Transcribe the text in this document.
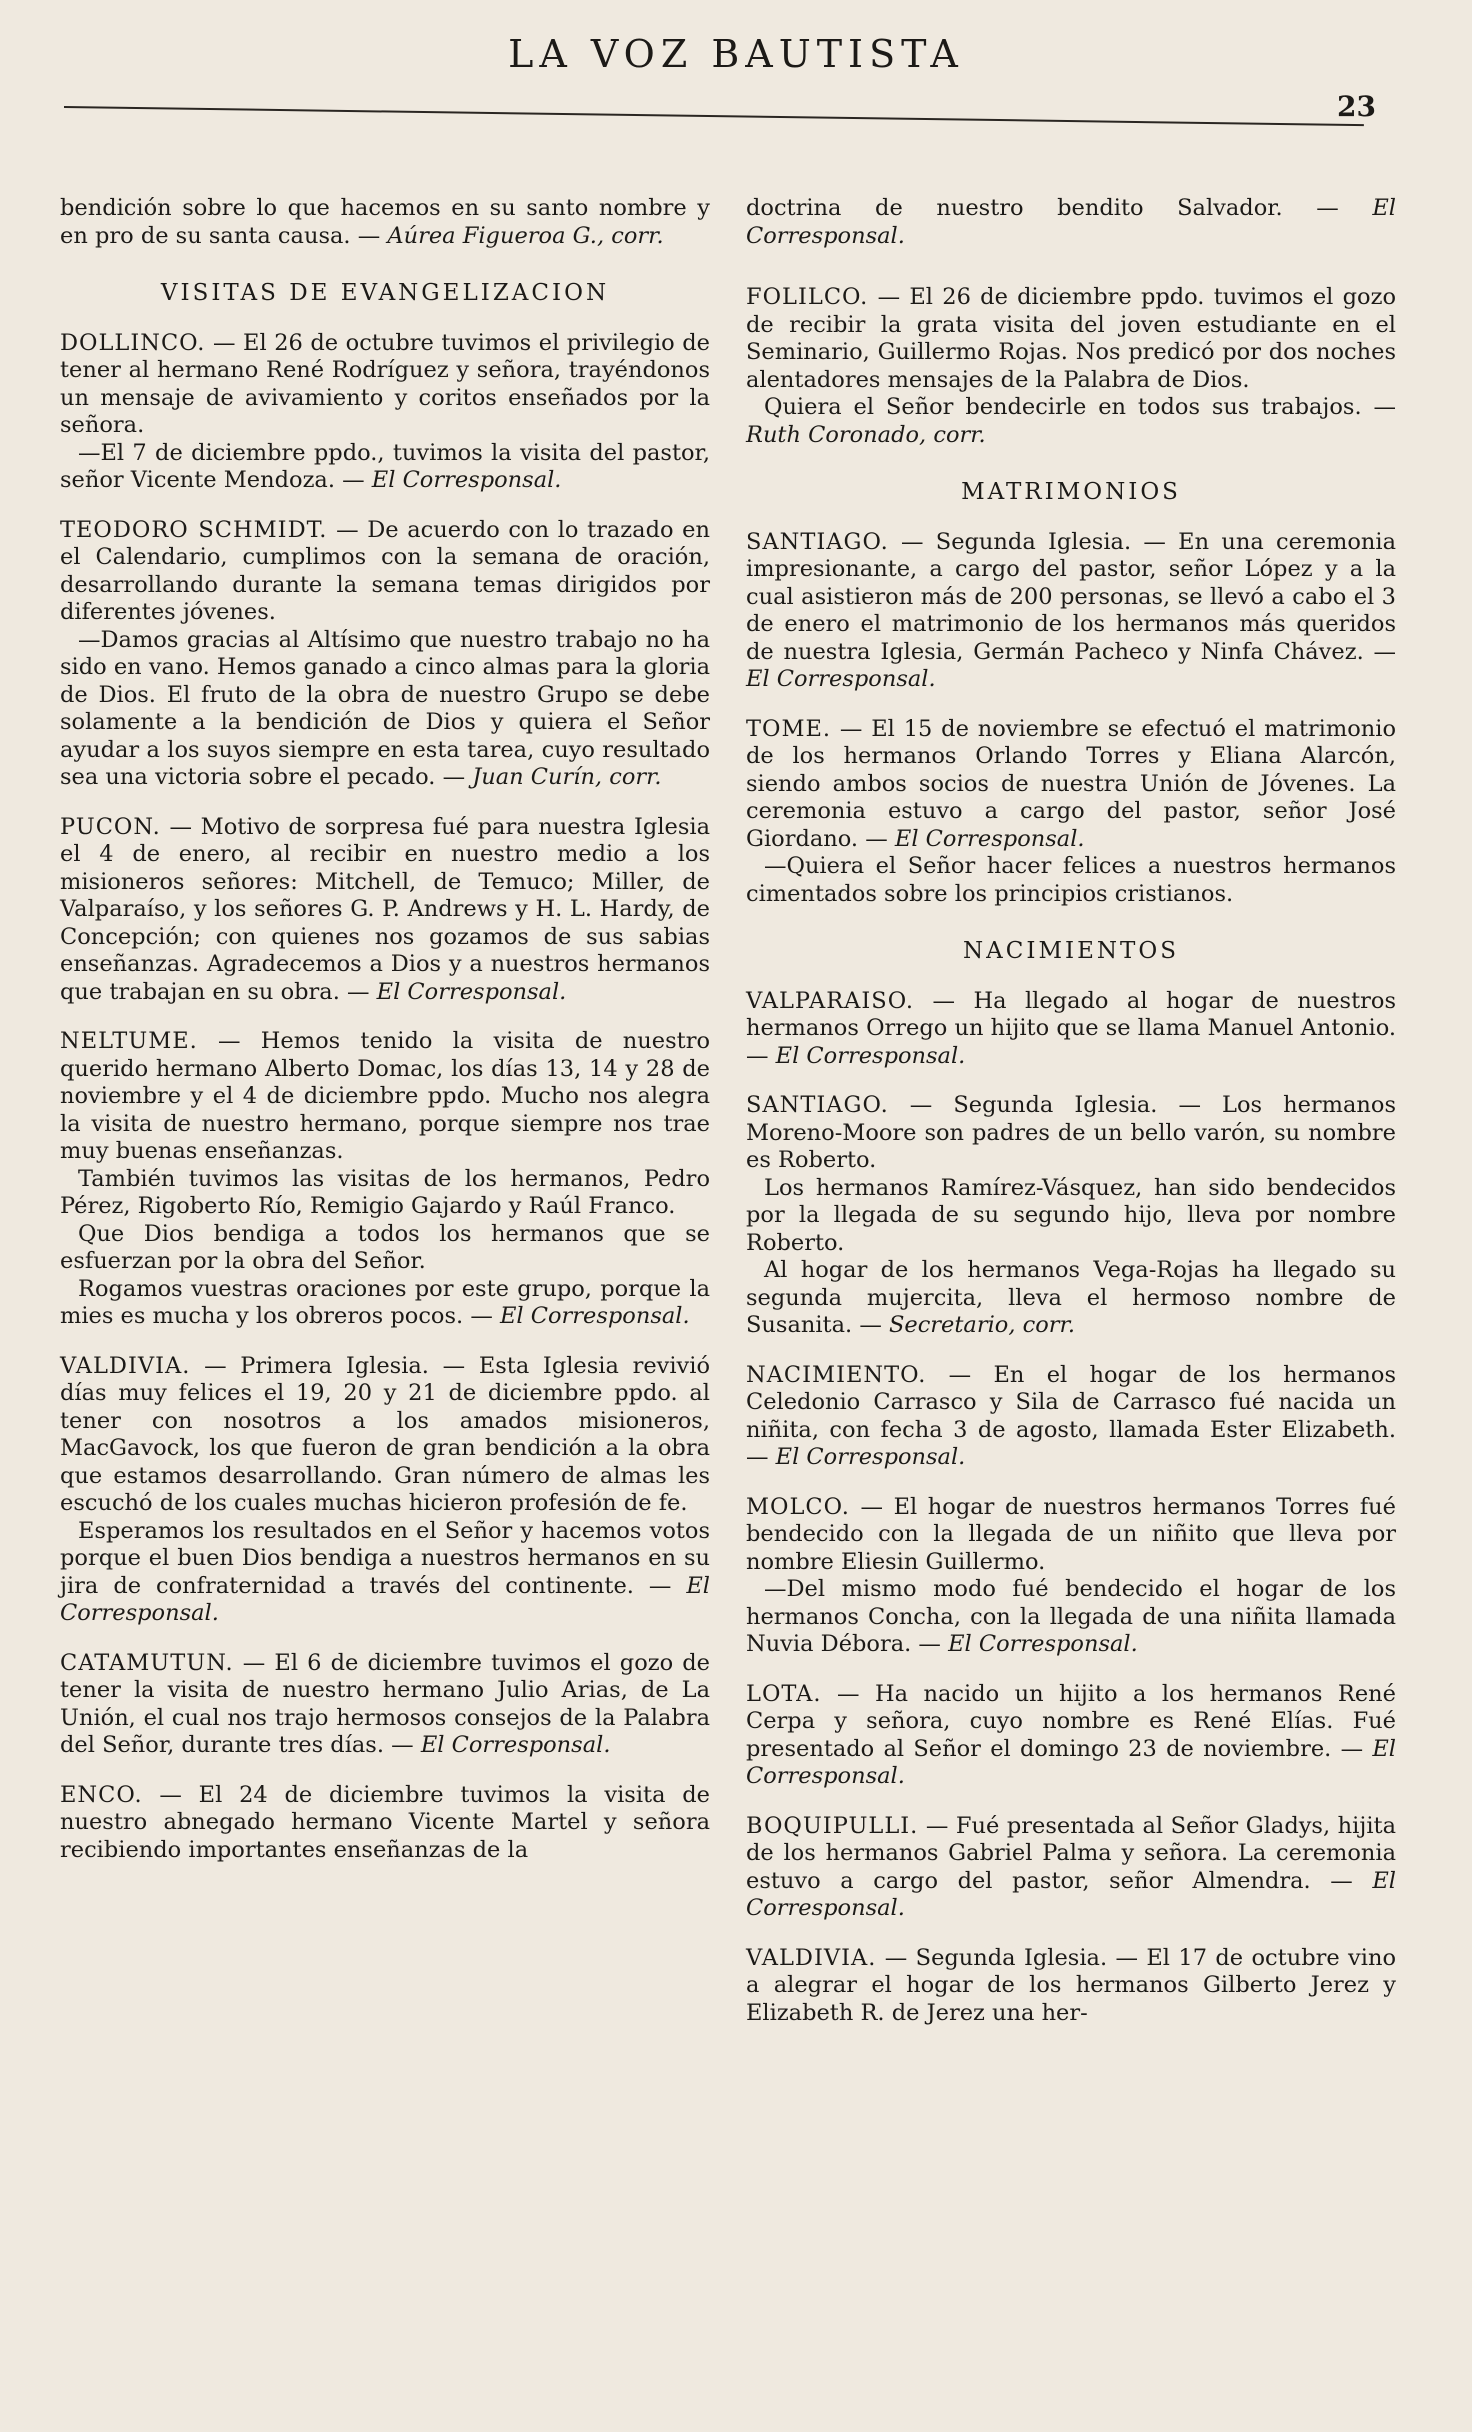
LA VOZ BAUTISTA
23

bendición sobre lo que hacemos en su santo nombre y en pro de su santa causa. — Aúrea Figueroa G., corr.

VISITAS DE EVANGELIZACION

DOLLINCO. — El 26 de octubre tuvimos el privilegio de tener al hermano René Rodríguez y señora, trayéndonos un mensaje de avivamiento y coritos enseñados por la señora.

—El 7 de diciembre ppdo., tuvimos la visita del pastor, señor Vicente Mendoza. — El Corresponsal.

TEODORO SCHMIDT. — De acuerdo con lo trazado en el Calendario, cumplimos con la semana de oración, desarrollando durante la semana temas dirigidos por diferentes jóvenes.

—Damos gracias al Altísimo que nuestro trabajo no ha sido en vano. Hemos ganado a cinco almas para la gloria de Dios. El fruto de la obra de nuestro Grupo se debe solamente a la bendición de Dios y quiera el Señor ayudar a los suyos siempre en esta tarea, cuyo resultado sea una victoria sobre el pecado. — Juan Curín, corr.

PUCON. — Motivo de sorpresa fué para nuestra Iglesia el 4 de enero, al recibir en nuestro medio a los misioneros señores: Mitchell, de Temuco; Miller, de Valparaíso, y los señores G. P. Andrews y H. L. Hardy, de Concepción; con quienes nos gozamos de sus sabias enseñanzas. Agradecemos a Dios y a nuestros hermanos que trabajan en su obra. — El Corresponsal.

NELTUME. — Hemos tenido la visita de nuestro querido hermano Alberto Domac, los días 13, 14 y 28 de noviembre y el 4 de diciembre ppdo. Mucho nos alegra la visita de nuestro hermano, porque siempre nos trae muy buenas enseñanzas.

También tuvimos las visitas de los hermanos, Pedro Pérez, Rigoberto Río, Remigio Gajardo y Raúl Franco.

Que Dios bendiga a todos los hermanos que se esfuerzan por la obra del Señor.

Rogamos vuestras oraciones por este grupo, porque la mies es mucha y los obreros pocos. — El Corresponsal.

VALDIVIA. — Primera Iglesia. — Esta Iglesia revivió días muy felices el 19, 20 y 21 de diciembre ppdo. al tener con nosotros a los amados misioneros, MacGavock, los que fueron de gran bendición a la obra que estamos desarrollando. Gran número de almas les escuchó de los cuales muchas hicieron profesión de fe.

Esperamos los resultados en el Señor y hacemos votos porque el buen Dios bendiga a nuestros hermanos en su jira de confraternidad a través del continente. — El Corresponsal.

CATAMUTUN. — El 6 de diciembre tuvimos el gozo de tener la visita de nuestro hermano Julio Arias, de La Unión, el cual nos trajo hermosos consejos de la Palabra del Señor, durante tres días. — El Corresponsal.

ENCO. — El 24 de diciembre tuvimos la visita de nuestro abnegado hermano Vicente Martel y señora recibiendo importantes enseñanzas de la

doctrina de nuestro bendito Salvador. — El Corresponsal.

FOLILCO. — El 26 de diciembre ppdo. tuvimos el gozo de recibir la grata visita del joven estudiante en el Seminario, Guillermo Rojas. Nos predicó por dos noches alentadores mensajes de la Palabra de Dios.

Quiera el Señor bendecirle en todos sus trabajos. — Ruth Coronado, corr.

MATRIMONIOS

SANTIAGO. — Segunda Iglesia. — En una ceremonia impresionante, a cargo del pastor, señor López y a la cual asistieron más de 200 personas, se llevó a cabo el 3 de enero el matrimonio de los hermanos más queridos de nuestra Iglesia, Germán Pacheco y Ninfa Chávez. — El Corresponsal.

TOME. — El 15 de noviembre se efectuó el matrimonio de los hermanos Orlando Torres y Eliana Alarcón, siendo ambos socios de nuestra Unión de Jóvenes. La ceremonia estuvo a cargo del pastor, señor José Giordano. — El Corresponsal.

—Quiera el Señor hacer felices a nuestros hermanos cimentados sobre los principios cristianos.

NACIMIENTOS

VALPARAISO. — Ha llegado al hogar de nuestros hermanos Orrego un hijito que se llama Manuel Antonio. — El Corresponsal.

SANTIAGO. — Segunda Iglesia. — Los hermanos Moreno-Moore son padres de un bello varón, su nombre es Roberto.

Los hermanos Ramírez-Vásquez, han sido bendecidos por la llegada de su segundo hijo, lleva por nombre Roberto.

Al hogar de los hermanos Vega-Rojas ha llegado su segunda mujercita, lleva el hermoso nombre de Susanita. — Secretario, corr.

NACIMIENTO. — En el hogar de los hermanos Celedonio Carrasco y Sila de Carrasco fué nacida un niñita, con fecha 3 de agosto, llamada Ester Elizabeth. — El Corresponsal.

MOLCO. — El hogar de nuestros hermanos Torres fué bendecido con la llegada de un niñito que lleva por nombre Eliesin Guillermo.

—Del mismo modo fué bendecido el hogar de los hermanos Concha, con la llegada de una niñita llamada Nuvia Débora. — El Corresponsal.

LOTA. — Ha nacido un hijito a los hermanos René Cerpa y señora, cuyo nombre es René Elías. Fué presentado al Señor el domingo 23 de noviembre. — El Corresponsal.

BOQUIPULLI. — Fué presentada al Señor Gladys, hijita de los hermanos Gabriel Palma y señora. La ceremonia estuvo a cargo del pastor, señor Almendra. — El Corresponsal.

VALDIVIA. — Segunda Iglesia. — El 17 de octubre vino a alegrar el hogar de los hermanos Gilberto Jerez y Elizabeth R. de Jerez una her-
